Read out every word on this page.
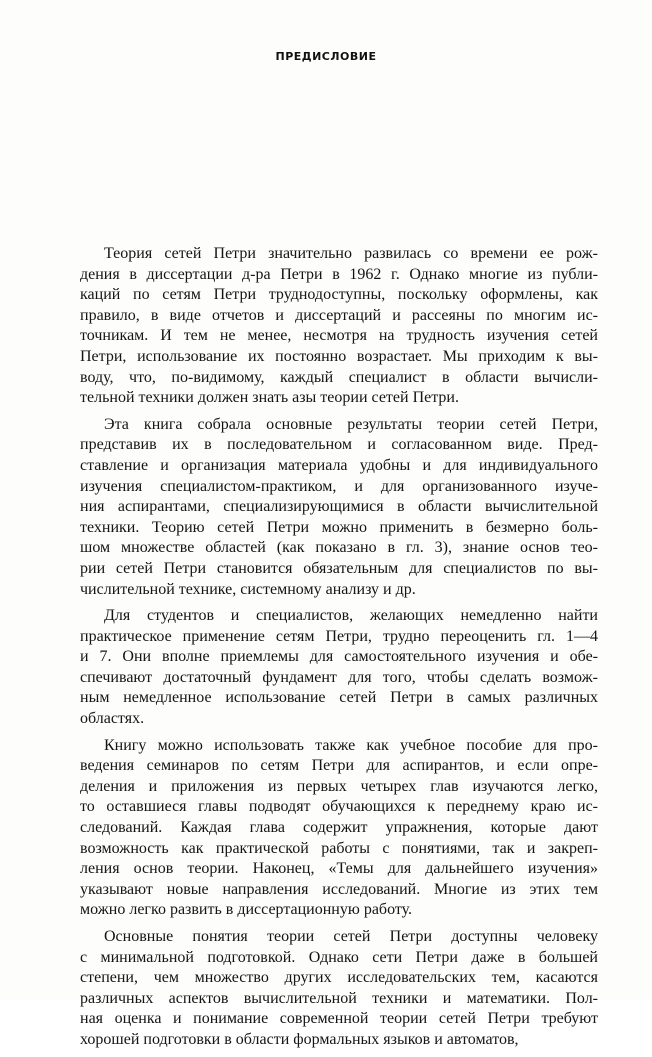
ПРЕДИСЛОВИЕ
Теория сетей Петри значительно развилась со времени ее рож-
дения в диссертации д-ра Петри в 1962 г. Однако многие из публи-
каций по сетям Петри труднодоступны, поскольку оформлены, как
правило, в виде отчетов и диссертаций и рассеяны по многим ис-
точникам. И тем не менее, несмотря на трудность изучения сетей
Петри, использование их постоянно возрастает. Мы приходим к вы-
воду, что, по-видимому, каждый специалист в области вычисли-
тельной техники должен знать азы теории сетей Петри.
Эта книга собрала основные результаты теории сетей Петри,
представив их в последовательном и согласованном виде. Пред-
ставление и организация материала удобны и для индивидуального
изучения специалистом-практиком, и для организованного изуче-
ния аспирантами, специализирующимися в области вычислительной
техники. Теорию сетей Петри можно применить в безмерно боль-
шом множестве областей (как показано в гл. 3), знание основ тео-
рии сетей Петри становится обязательным для специалистов по вы-
числительной технике, системному анализу и др.
Для студентов и специалистов, желающих немедленно найти
практическое применение сетям Петри, трудно переоценить гл. 1—4
и 7. Они вполне приемлемы для самостоятельного изучения и обе-
спечивают достаточный фундамент для того, чтобы сделать возмож-
ным немедленное использование сетей Петри в самых различных
областях.
Книгу можно использовать также как учебное пособие для про-
ведения семинаров по сетям Петри для аспирантов, и если опре-
деления и приложения из первых четырех глав изучаются легко,
то оставшиеся главы подводят обучающихся к переднему краю ис-
следований. Каждая глава содержит упражнения, которые дают
возможность как практической работы с понятиями, так и закреп-
ления основ теории. Наконец, «Темы для дальнейшего изучения»
указывают новые направления исследований. Многие из этих тем
можно легко развить в диссертационную работу.
Основные понятия теории сетей Петри доступны человеку
с минимальной подготовкой. Однако сети Петри даже в большей
степени, чем множество других исследовательских тем, касаются
различных аспектов вычислительной техники и математики. Пол-
ная оценка и понимание современной теории сетей Петри требуют
хорошей подготовки в области формальных языков и автоматов,
